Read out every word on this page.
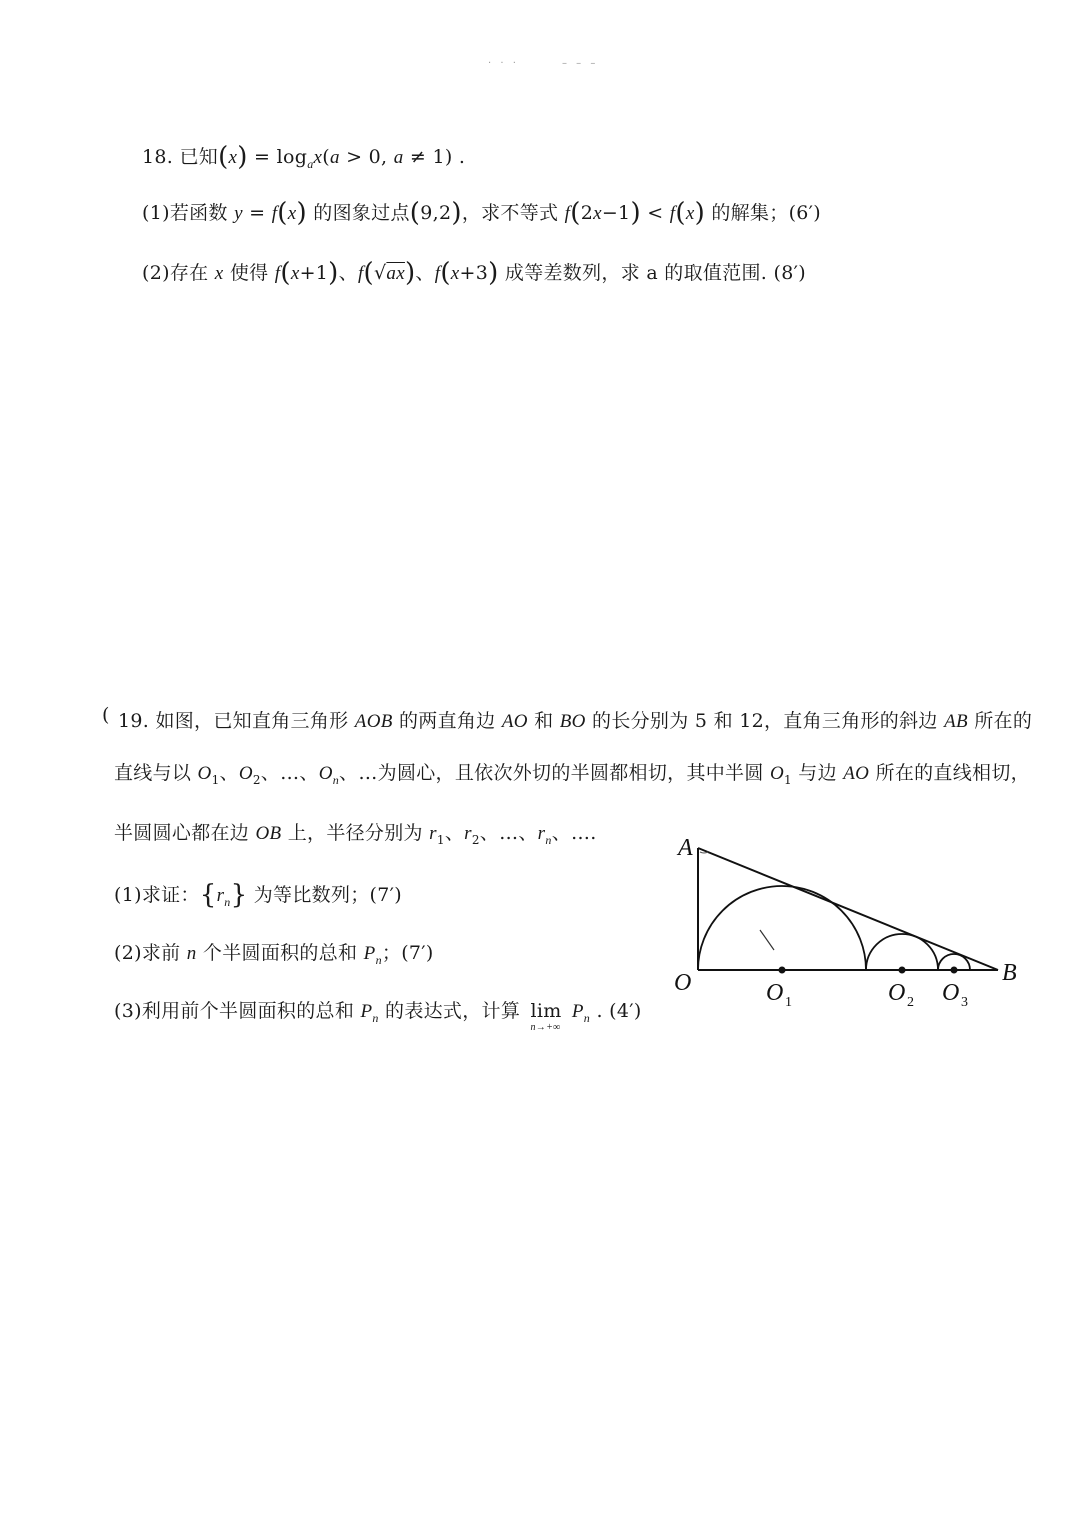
· · ·	– – –
18. 已知$(x) = \log_ax(a > 0$, a ≠ 1) .
(1)若函数 y = f(x) 的图象过点(9,2)，求不等式 f(2x−1) < f(x) 的解集；(6′)
(2)存在 x 使得 f(x+1)、f(√ax)、f(x+3) 成等差数列，求 a 的取值范围. (8′)
( 19. 如图，已知直角三角形 AOB 的两直角边 AO 和 BO 的长分别为 5 和 12，直角三角形的斜边 AB 所在的
直线与以 $O_1$、$O_2$、…、$O_n$、…为圆心，且依次外切的半圆都相切，其中半圆 $O_1$ 与边 AO 所在的直线相切，
半圆圆心都在边 OB 上，半径分别为 $r_1$、$r_2$、…、$r_n$、….
(1)求证：$\{r_n\}$ 为等比数列；(7′)
(2)求前 n 个半圆面积的总和 $P_n$；(7′)
(3)利用前个半圆面积的总和 $P_n$ 的表达式，计算 lim
n→+∞
$P_n$ . (4′)
A
B
O	O 1	O 2 O 3
